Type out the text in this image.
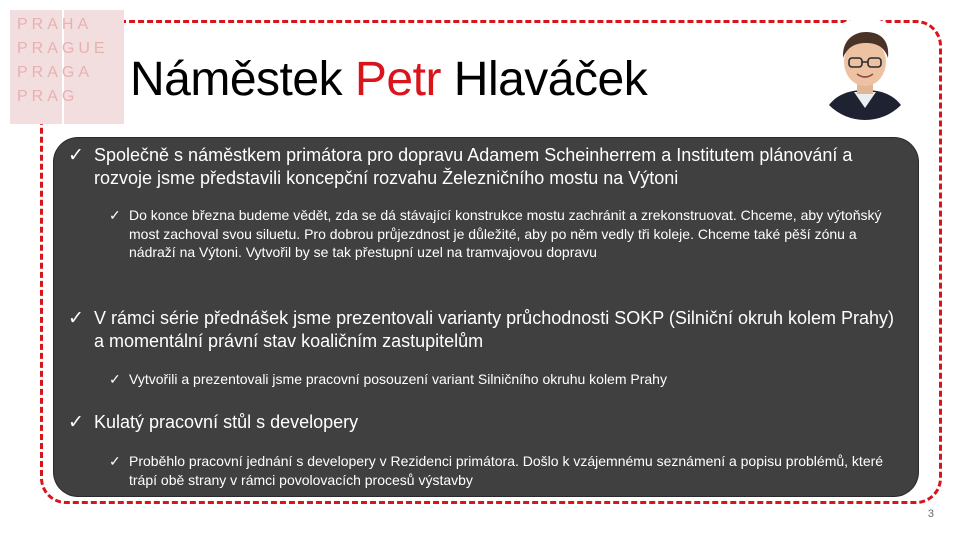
PRAHA
PRAGUE
PRAGA
PRAG Náměstek Petr Hlaváček
✓ Společně s náměstkem primátora pro dopravu Adamem Scheinherrem a Institutem plánování a rozvoje jsme představili koncepční rozvahu Železničního mostu na Výtoni
✓ Do konce března budeme vědět, zda se dá stávající konstrukce mostu zachránit a zrekonstruovat. Chceme, aby výtoňský most zachoval svou siluetu. Pro dobrou průjezdnost je důležité, aby po něm vedly tři koleje. Chceme také pěší zónu a nádraží na Výtoni. Vytvořil by se tak přestupní uzel na tramvajovou dopravu
✓ V rámci série přednášek jsme prezentovali varianty průchodnosti SOKP (Silniční okruh kolem Prahy) a momentální právní stav koaličním zastupitelům
✓ Vytvořili a prezentovali jsme pracovní posouzení variant Silničního okruhu kolem Prahy
✓ Kulatý pracovní stůl s developery
✓ Proběhlo pracovní jednání s developery v Rezidenci primátora. Došlo k vzájemnému seznámení a popisu problémů, které trápí obě strany v rámci povolovacích procesů výstavby
3
